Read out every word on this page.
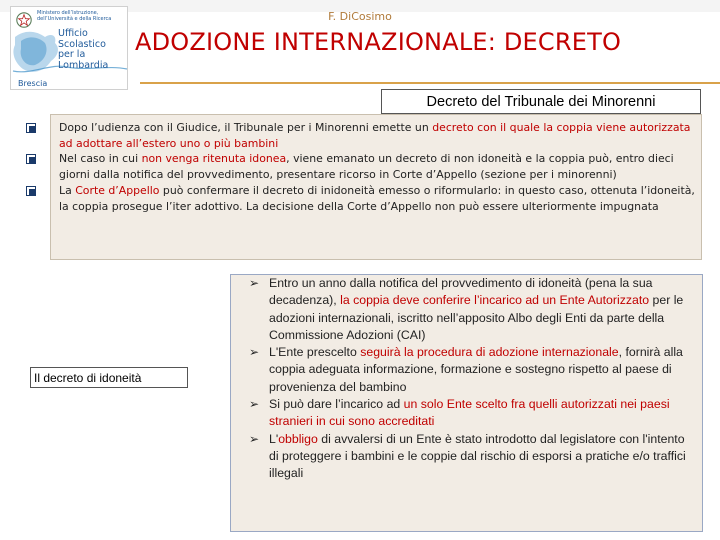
F. DiCosimo
Ministero dell’Istruzione, dell’Università e della Ricerca
Ufficio
Scolastico
per la
Lombardia
Brescia
ADOZIONE INTERNAZIONALE: DECRETO
Decreto del Tribunale dei Minorenni
Dopo l’udienza con il Giudice, il Tribunale per i Minorenni emette un decreto con il quale la coppia viene autorizzata ad adottare all’estero uno o più bambini
Nel caso in cui non venga ritenuta idonea, viene emanato un decreto di non idoneità e la coppia può, entro dieci giorni dalla notifica del provvedimento, presentare ricorso in Corte d’Appello (sezione per i minorenni)
La Corte d’Appello può confermare il decreto di inidoneità emesso o riformularlo: in questo caso, ottenuta l’idoneità, la coppia prosegue l’iter adottivo. La decisione della Corte d’Appello non può essere ulteriormente impugnata
Il decreto di idoneità
➢ Entro un anno dalla notifica del provvedimento di idoneità (pena la sua decadenza), la coppia deve conferire l’incarico ad un Ente Autorizzato per le adozioni internazionali, iscritto nell’apposito Albo degli Enti da parte della Commissione Adozioni (CAI)
➢ L'Ente prescelto seguirà la procedura di adozione internazionale, fornirà alla coppia adeguata informazione, formazione e sostegno rispetto al paese di provenienza del bambino
➢ Si può dare l’incarico ad un solo Ente scelto fra quelli autorizzati nei paesi stranieri in cui sono accreditati
➢ L'obbligo di avvalersi di un Ente è stato introdotto dal legislatore con l'intento di proteggere i bambini e le coppie dal rischio di esporsi a pratiche e/o traffici illegali
